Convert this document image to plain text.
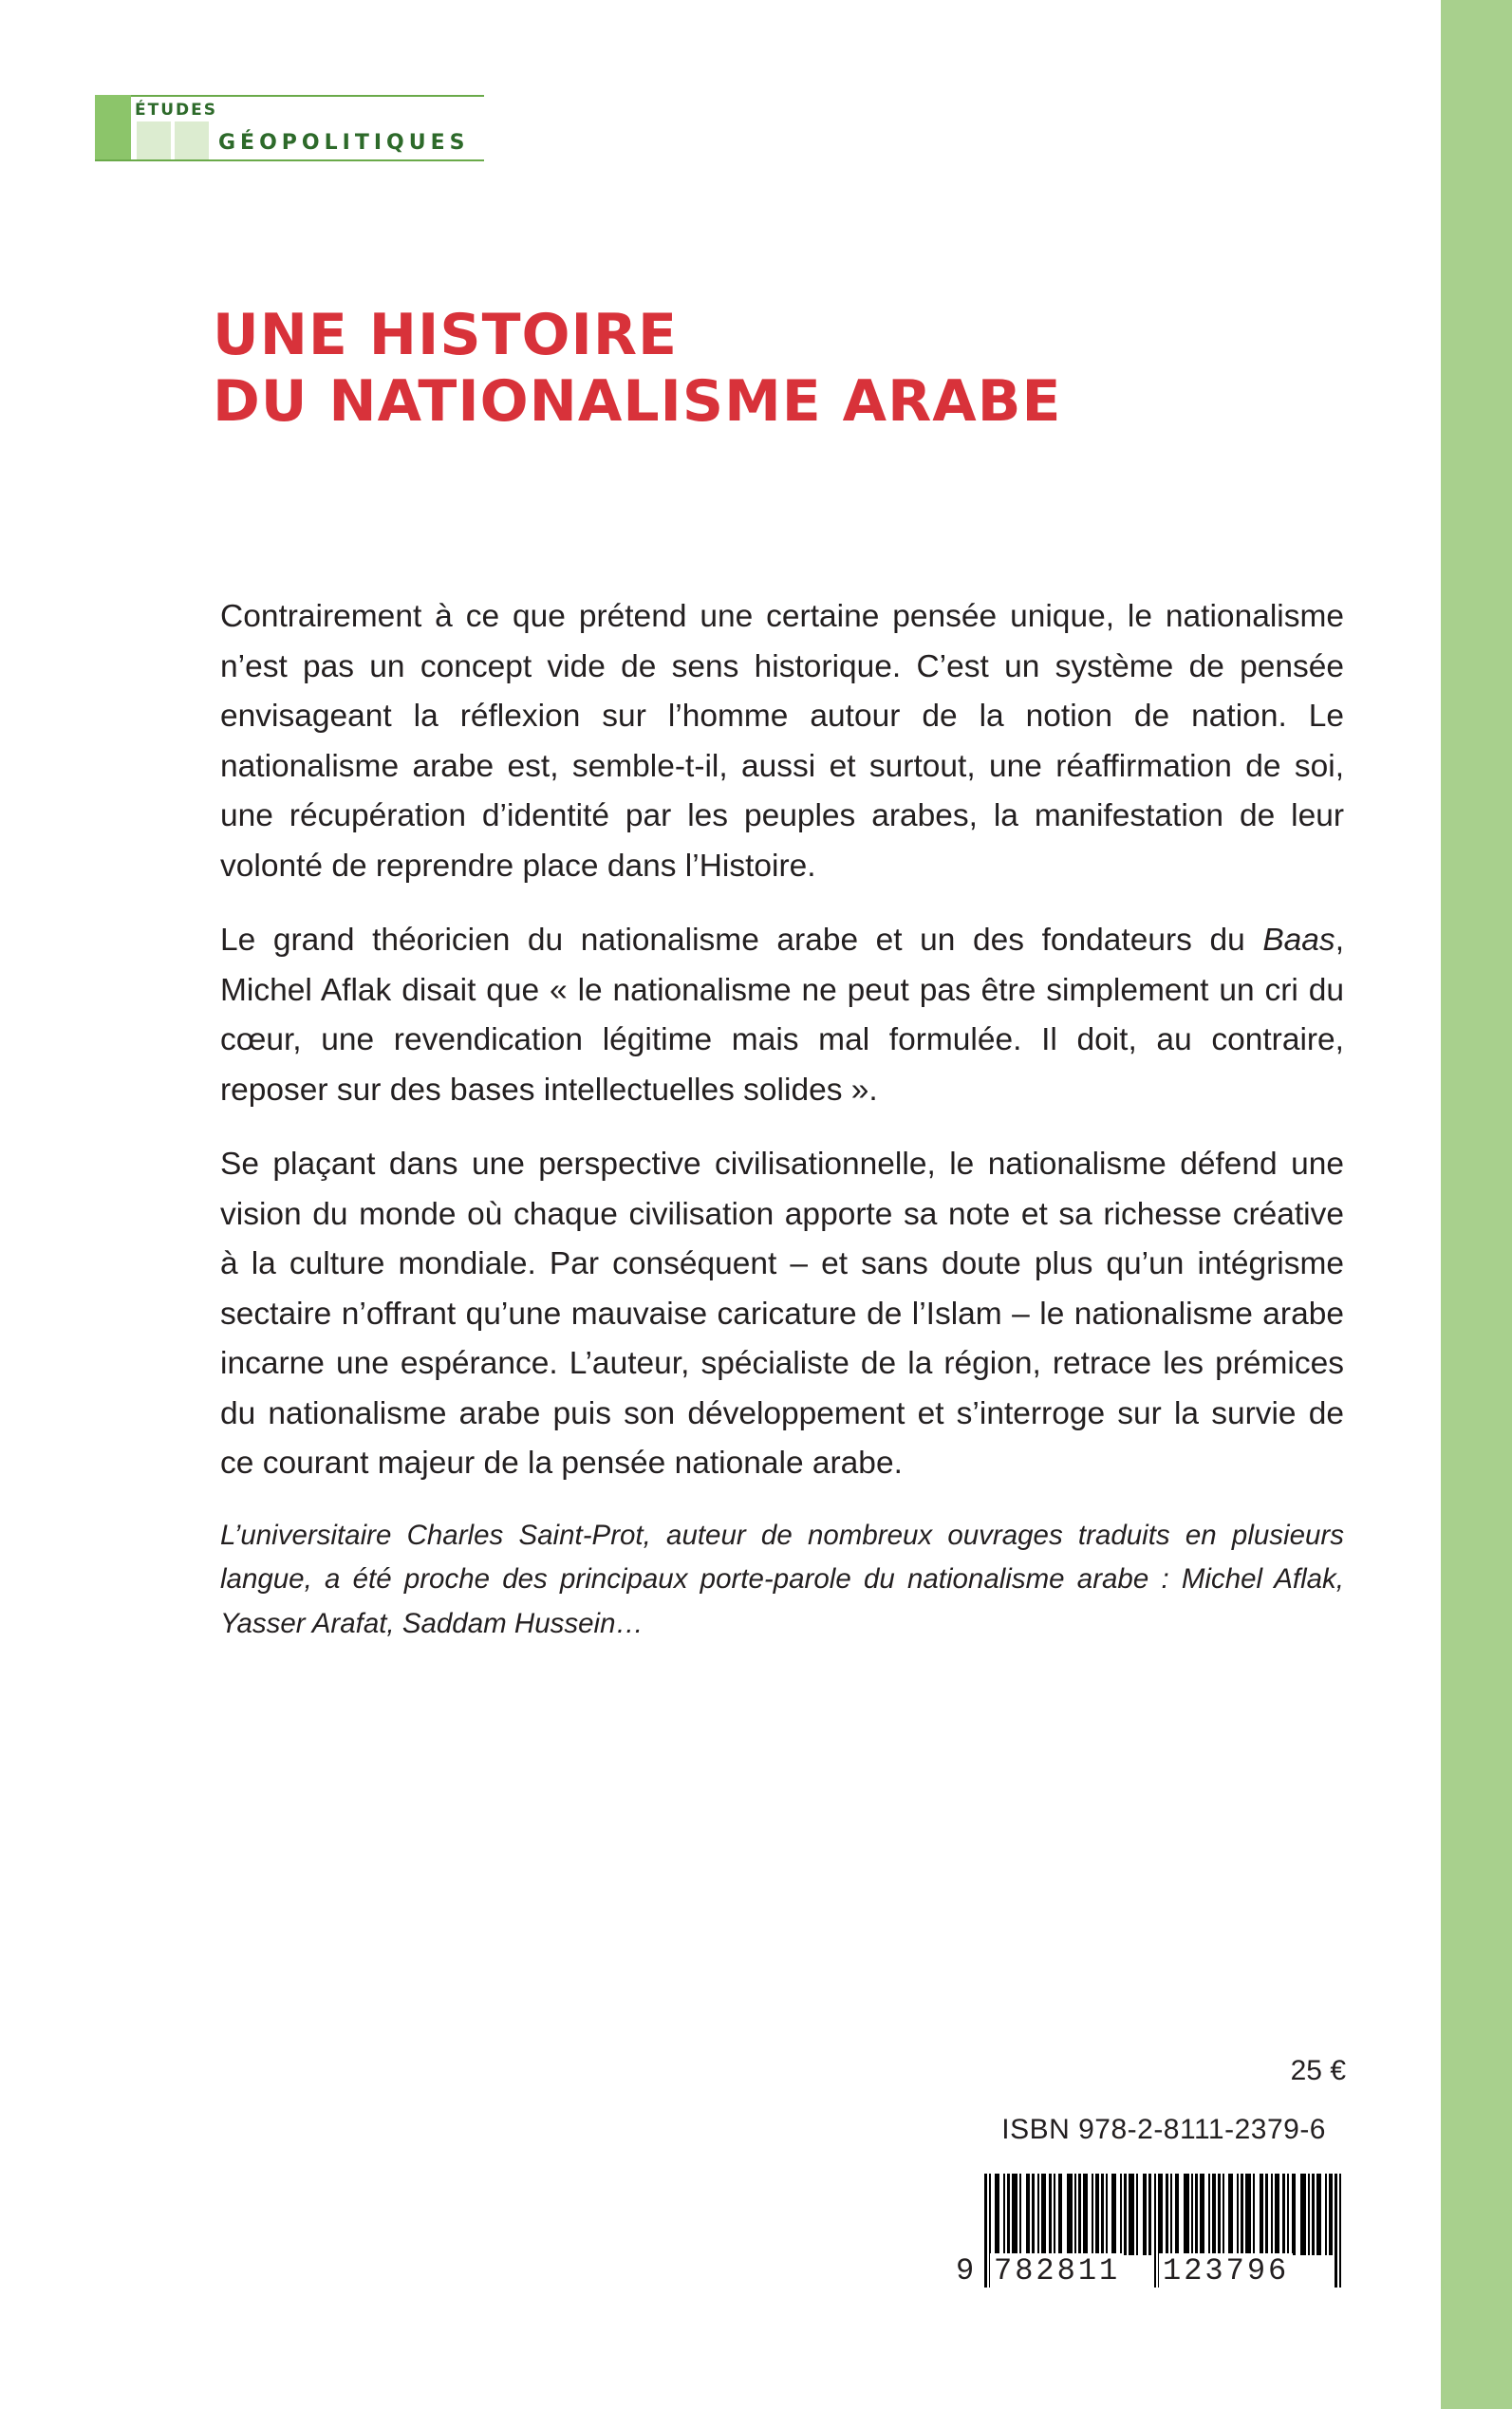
ÉTUDES
GÉOPOLITIQUES
UNE HISTOIRE
DU NATIONALISME ARABE

Contrairement à ce que prétend une certaine pensée unique, le nationalisme n’est pas un concept vide de sens historique. C’est un système de pensée envisageant la réflexion sur l’homme autour de la notion de nation. Le nationalisme arabe est, semble-t-il, aussi et surtout, une réaffirmation de soi, une récupération d’identité par les peuples arabes, la manifestation de leur volonté de reprendre place dans l’Histoire.

Le grand théoricien du nationalisme arabe et un des fondateurs du Baas, Michel Aflak disait que « le nationalisme ne peut pas être simplement un cri du cœur, une revendication légitime mais mal formulée. Il doit, au contraire, reposer sur des bases intellectuelles solides ».

Se plaçant dans une perspective civilisationnelle, le nationalisme défend une vision du monde où chaque civilisation apporte sa note et sa richesse créative à la culture mondiale. Par conséquent – et sans doute plus qu’un intégrisme sectaire n’offrant qu’une mauvaise caricature de l’Islam – le nationalisme arabe incarne une espérance. L’auteur, spécialiste de la région, retrace les prémices du nationalisme arabe puis son développement et s’interroge sur la survie de ce courant majeur de la pensée nationale arabe.

L’universitaire Charles Saint-Prot, auteur de nombreux ouvrages traduits en plusieurs langue, a été proche des principaux porte-parole du nationalisme arabe : Michel Aflak, Yasser Arafat, Saddam Hussein…

25 €
ISBN 978-2-8111-2379-6
9 782811 123796
